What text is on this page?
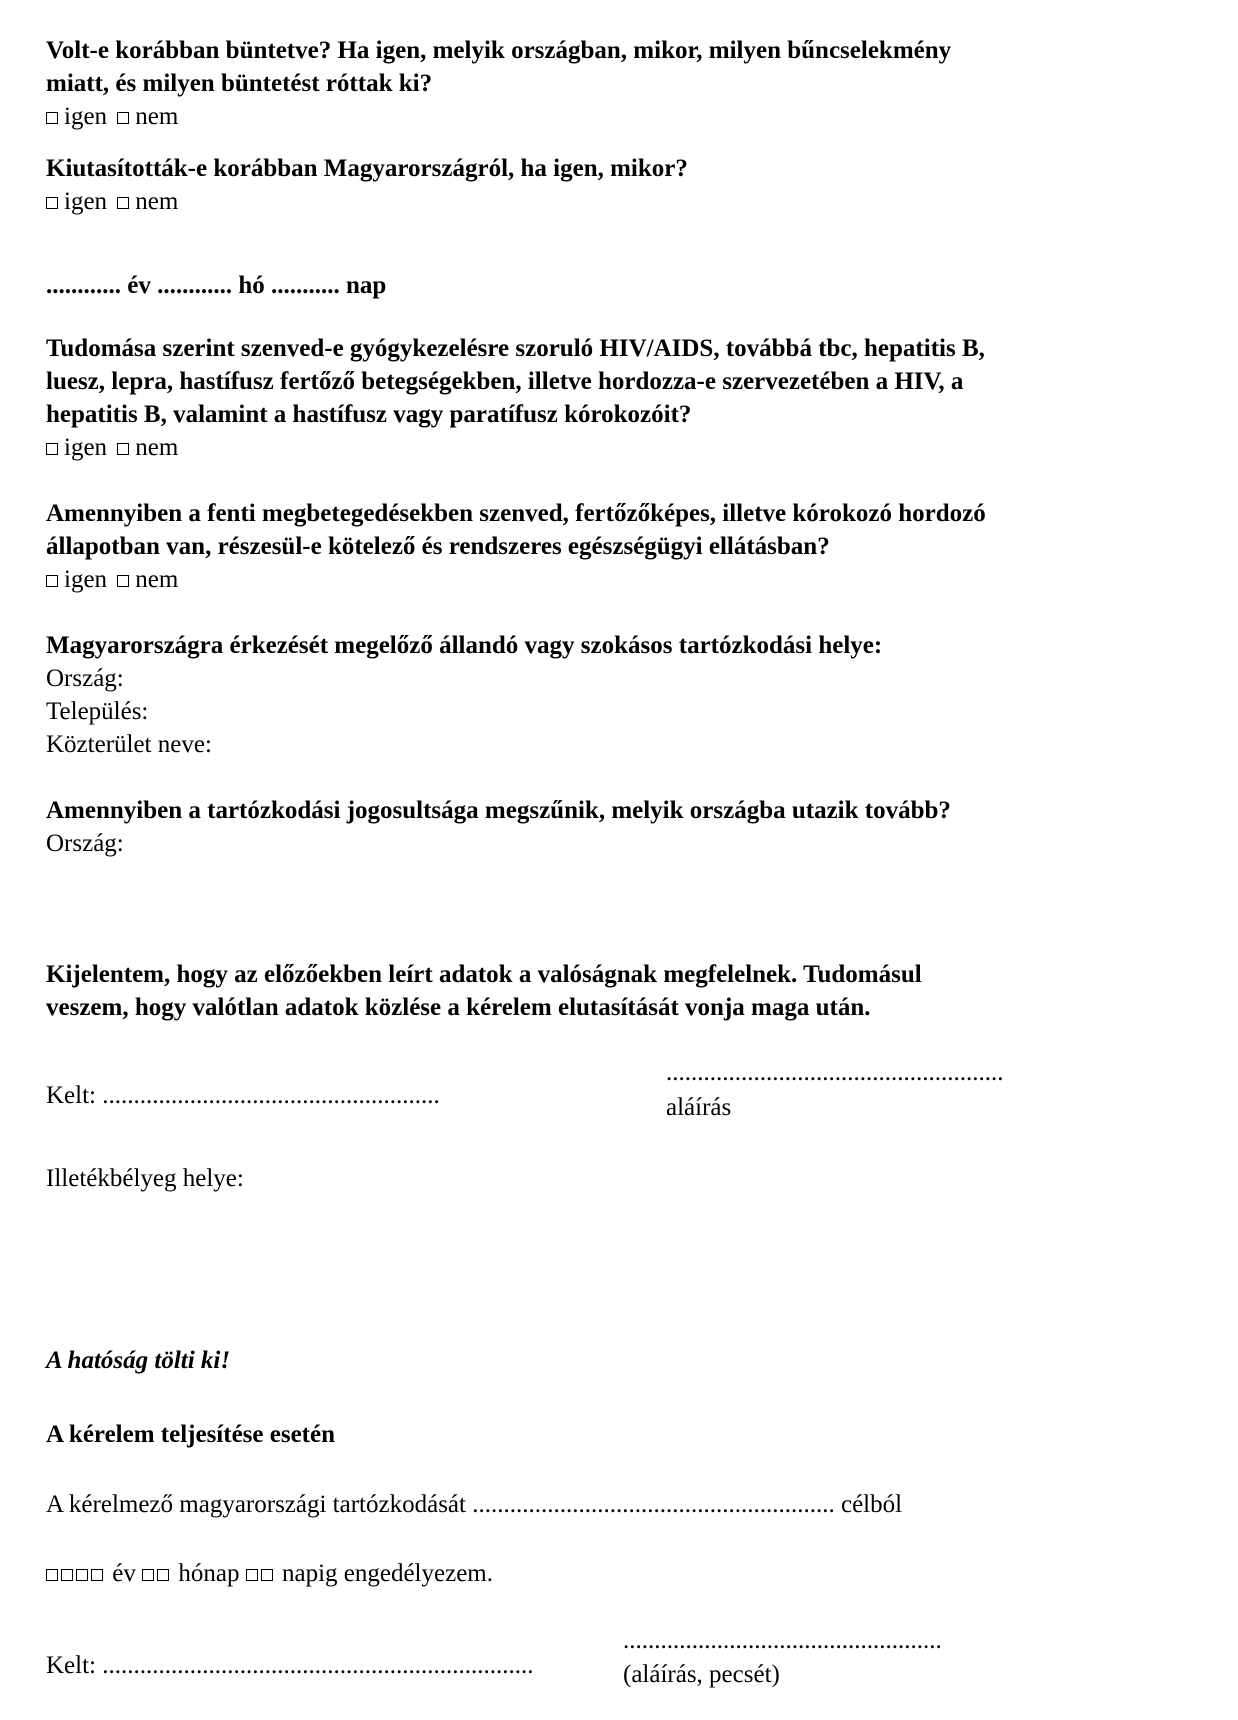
Volt-e korábban büntetve? Ha igen, melyik országban, mikor, milyen bűncselekmény
miatt, és milyen büntetést róttak ki?
igen nem
Kiutasították-e korábban Magyarországról, ha igen, mikor?
igen nem
............ év ............ hó ........... nap
Tudomása szerint szenved-e gyógykezelésre szoruló HIV/AIDS, továbbá tbc, hepatitis B,
luesz, lepra, hastífusz fertőző betegségekben, illetve hordozza-e szervezetében a HIV, a
hepatitis B, valamint a hastífusz vagy paratífusz kórokozóit?
igen nem
Amennyiben a fenti megbetegedésekben szenved, fertőzőképes, illetve kórokozó hordozó
állapotban van, részesül-e kötelező és rendszeres egészségügyi ellátásban?
igen nem
Magyarországra érkezését megelőző állandó vagy szokásos tartózkodási helye:
Ország:
Település:
Közterület neve:
Amennyiben a tartózkodási jogosultsága megszűnik, melyik országba utazik tovább?
Ország:
Kijelentem, hogy az előzőekben leírt adatok a valóságnak megfelelnek. Tudomásul
veszem, hogy valótlan adatok közlése a kérelem elutasítását vonja maga után.
Kelt: ......................................................
......................................................
aláírás
Illetékbélyeg helye:
A hatóság tölti ki!
A kérelem teljesítése esetén
A kérelmező magyarországi tartózkodását .......................................................... célból
év hónap napig engedélyezem.
Kelt: .....................................................................
...................................................
(aláírás, pecsét)
